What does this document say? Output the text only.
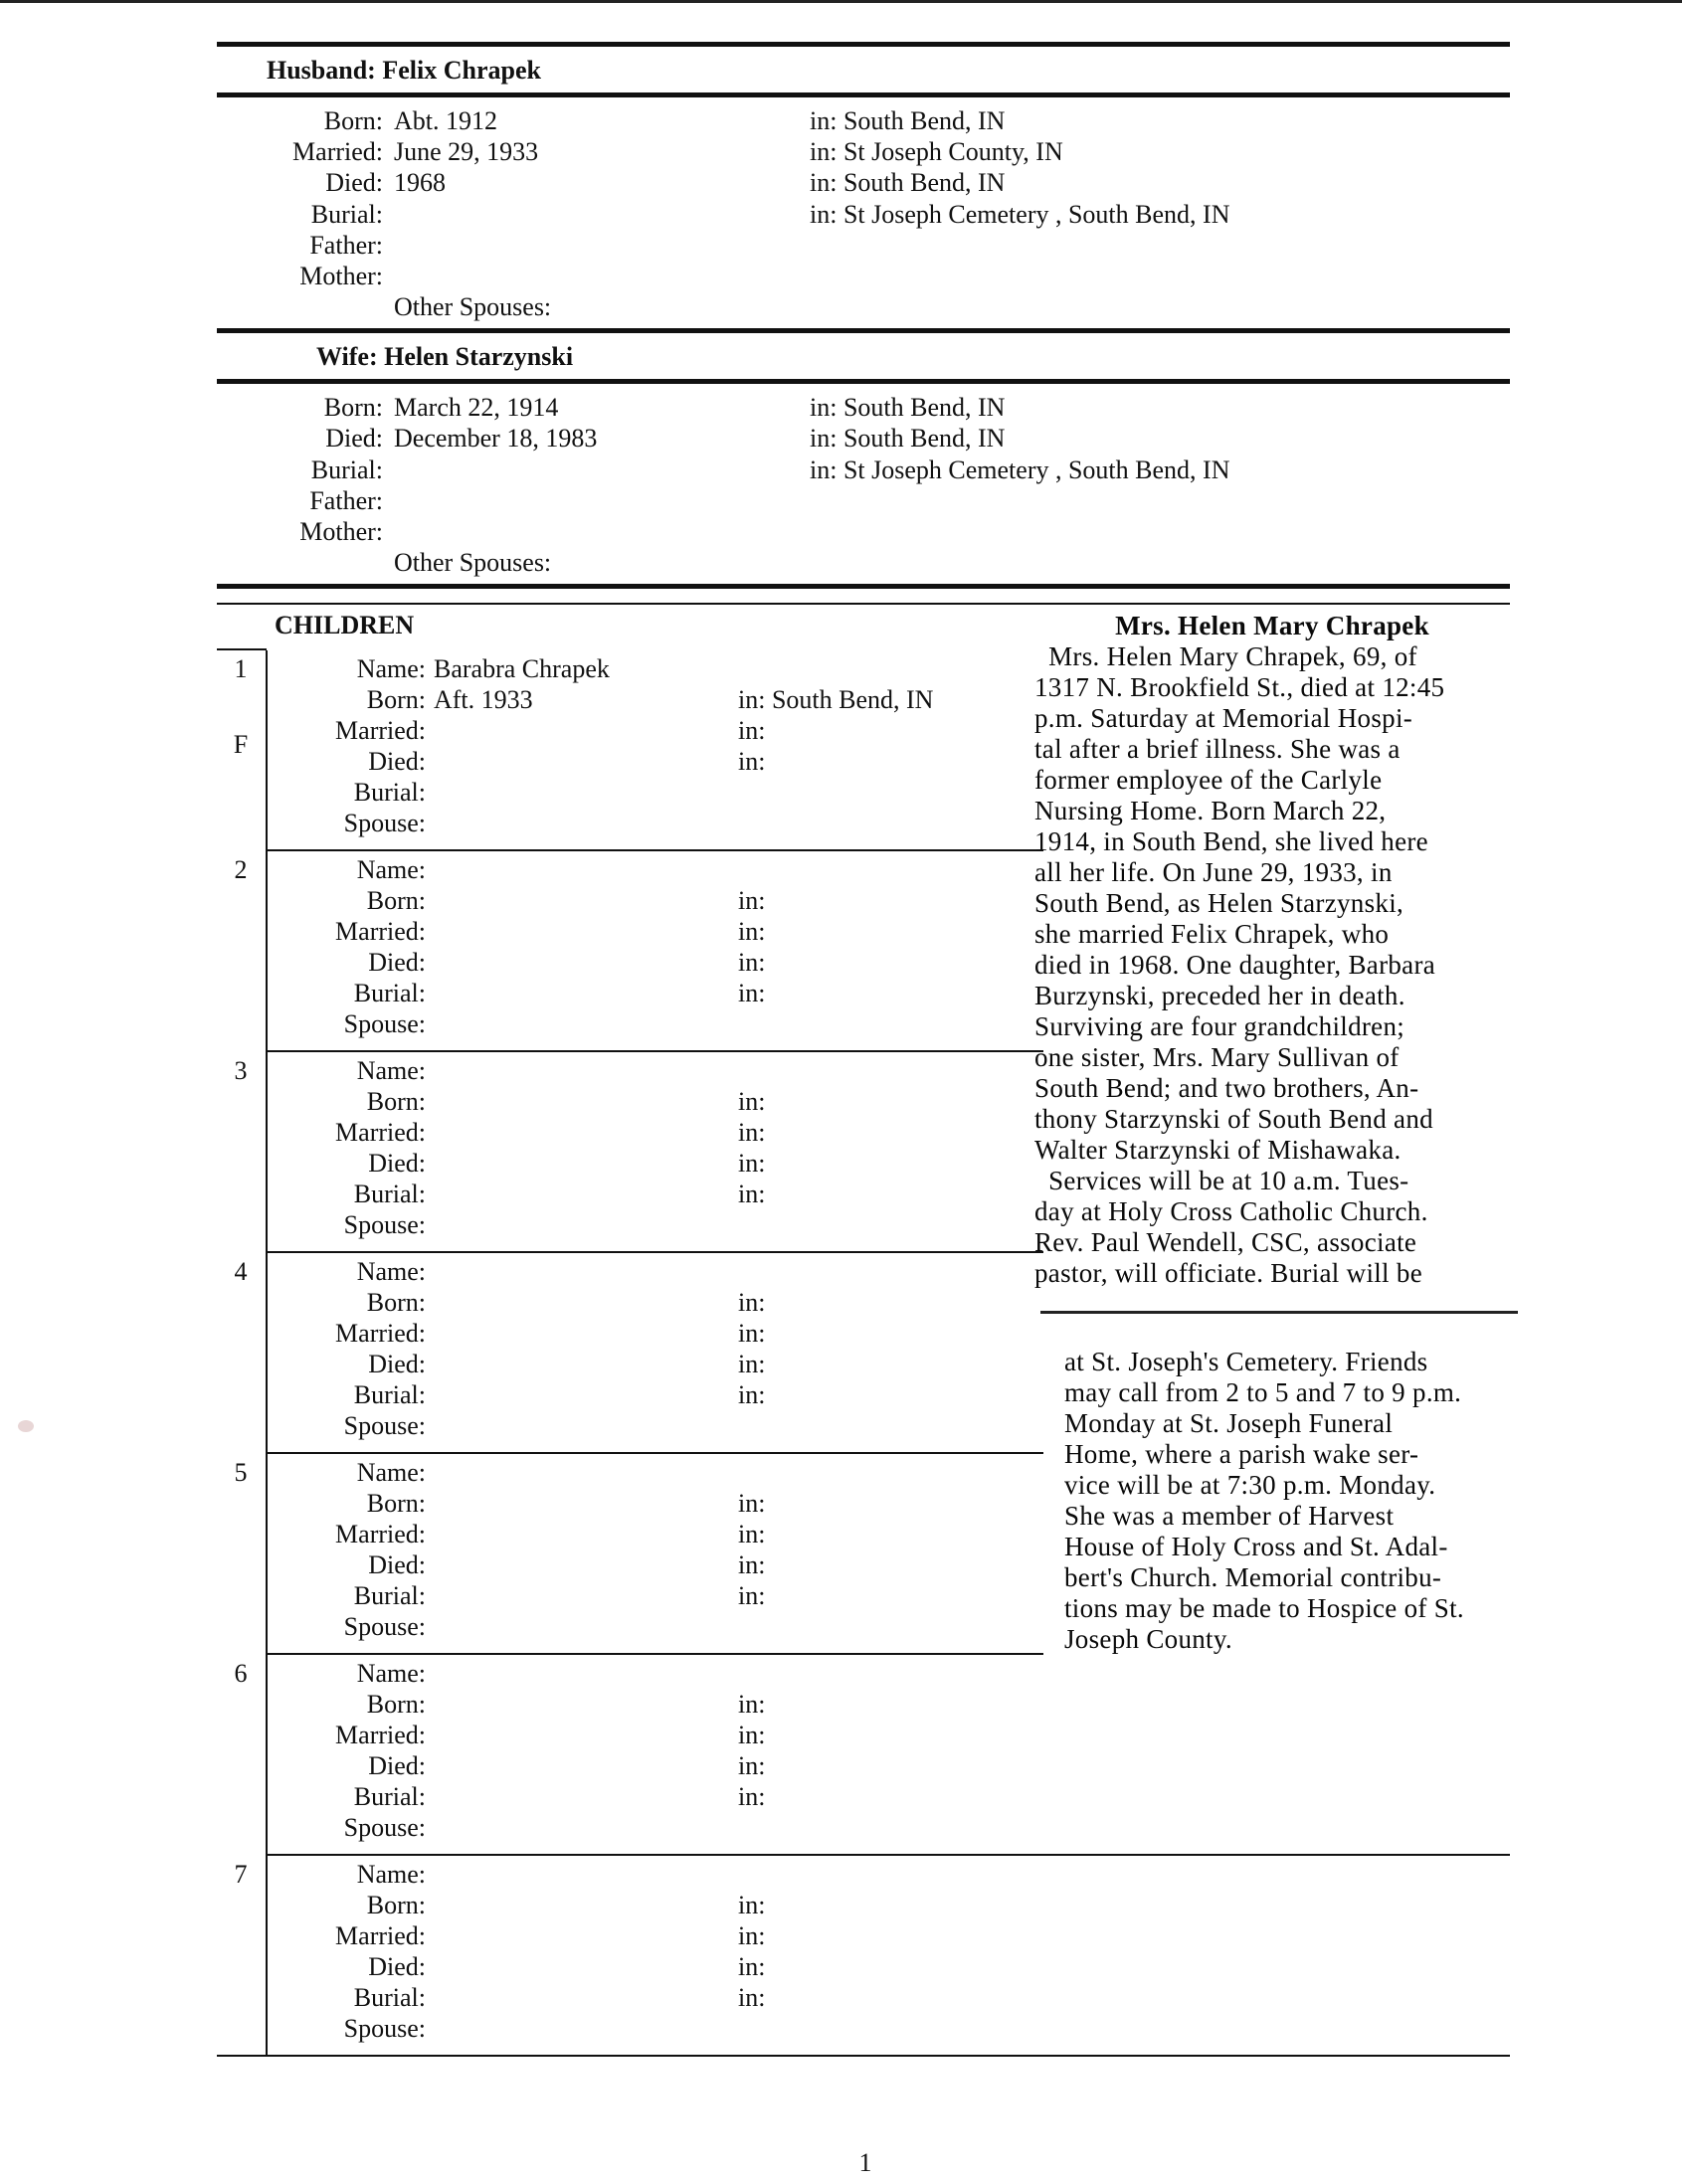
Husband: Felix Chrapek
Born: Abt. 1912	in: South Bend, IN
Married: June 29, 1933	in: St Joseph County, IN
Died: 1968	in: South Bend, IN
Burial:	in: St Joseph Cemetery , South Bend, IN
Father:
Mother:
Other Spouses:
Wife: Helen Starzynski
Born: March 22, 1914	in: South Bend, IN
Died: December 18, 1983	in: South Bend, IN
Burial:	in: St Joseph Cemetery , South Bend, IN
Father:
Mother:
Other Spouses:
CHILDREN
1
F
Name: Barabra Chrapek
Born: Aft. 1933	in: South Bend, IN
Married:	in:
Died:	in:
Burial:
Spouse:
2	Name:
Born:	in:
Married:	in:
Died:	in:
Burial:	in:
Spouse:
3	Name:
Born:	in:
Married:	in:
Died:	in:
Burial:	in:
Spouse:
4	Name:
Born:	in:
Married:	in:
Died:	in:
Burial:	in:
Spouse:
5	Name:
Born:	in:
Married:	in:
Died:	in:
Burial:	in:
Spouse:
6	Name:
Born:	in:
Married:	in:
Died:	in:
Burial:	in:
Spouse:
7	Name:
Born:	in:
Married:	in:
Died:	in:
Burial:	in:
Spouse:
Mrs. Helen Mary Chrapek
Mrs. Helen Mary Chrapek, 69, of
1317 N. Brookfield St., died at 12:45
p.m. Saturday at Memorial Hospi-
tal after a brief illness. She was a
former employee of the Carlyle
Nursing Home. Born March 22,
1914, in South Bend, she lived here
all her life. On June 29, 1933, in
South Bend, as Helen Starzynski,
she married Felix Chrapek, who
died in 1968. One daughter, Barbara
Burzynski, preceded her in death.
Surviving are four grandchildren;
one sister, Mrs. Mary Sullivan of
South Bend; and two brothers, An-
thony Starzynski of South Bend and
Walter Starzynski of Mishawaka.
Services will be at 10 a.m. Tues-
day at Holy Cross Catholic Church.
Rev. Paul Wendell, CSC, associate
pastor, will officiate. Burial will be
at St. Joseph's Cemetery. Friends
may call from 2 to 5 and 7 to 9 p.m.
Monday at St. Joseph Funeral
Home, where a parish wake ser-
vice will be at 7:30 p.m. Monday.
She was a member of Harvest
House of Holy Cross and St. Adal-
bert's Church. Memorial contribu-
tions may be made to Hospice of St.
Joseph County.
1
